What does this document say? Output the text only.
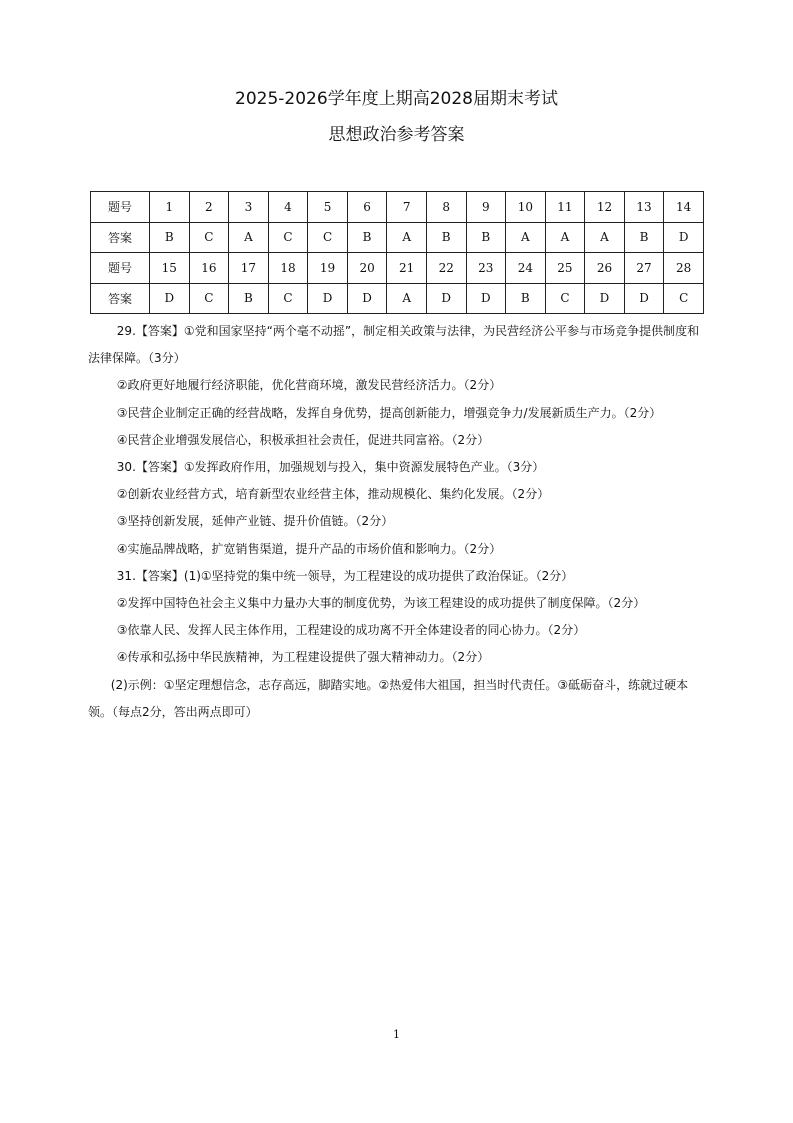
2025-2026学年度上期高2028届期末考试
思想政治参考答案
题号	1	2	3	4	5	6	7	8	9	10	11	12	13	14
答案	B	C	A	C	C	B	A	B	B	A	A	A	B	D
题号	15	16	17	18	19	20	21	22	23	24	25	26	27	28
答案	D	C	B	C	D	D	A	D	D	B	C	D	D	C

29.【答案】①党和国家坚持“两个毫不动摇”，制定相关政策与法律，为民营经济公平参与市场竞争提供制度和法律保障。（3分）

②政府更好地履行经济职能，优化营商环境，激发民营经济活力。（2分）

③民营企业制定正确的经营战略，发挥自身优势，提高创新能力，增强竞争力/发展新质生产力。（2分）

④民营企业增强发展信心，积极承担社会责任，促进共同富裕。（2分）

30.【答案】①发挥政府作用，加强规划与投入，集中资源发展特色产业。（3分）

②创新农业经营方式，培育新型农业经营主体，推动规模化、集约化发展。（2分）

③坚持创新发展，延伸产业链、提升价值链。（2分）

④实施品牌战略，扩宽销售渠道，提升产品的市场价值和影响力。（2分）

31.【答案】(1)①坚持党的集中统一领导，为工程建设的成功提供了政治保证。（2分）

②发挥中国特色社会主义集中力量办大事的制度优势，为该工程建设的成功提供了制度保障。（2分）

③依靠人民、发挥人民主体作用，工程建设的成功离不开全体建设者的同心协力。（2分）

④传承和弘扬中华民族精神，为工程建设提供了强大精神动力。（2分）

(2)示例：①坚定理想信念，志存高远，脚踏实地。②热爱伟大祖国，担当时代责任。③砥砺奋斗，练就过硬本领。（每点2分，答出两点即可）

1
